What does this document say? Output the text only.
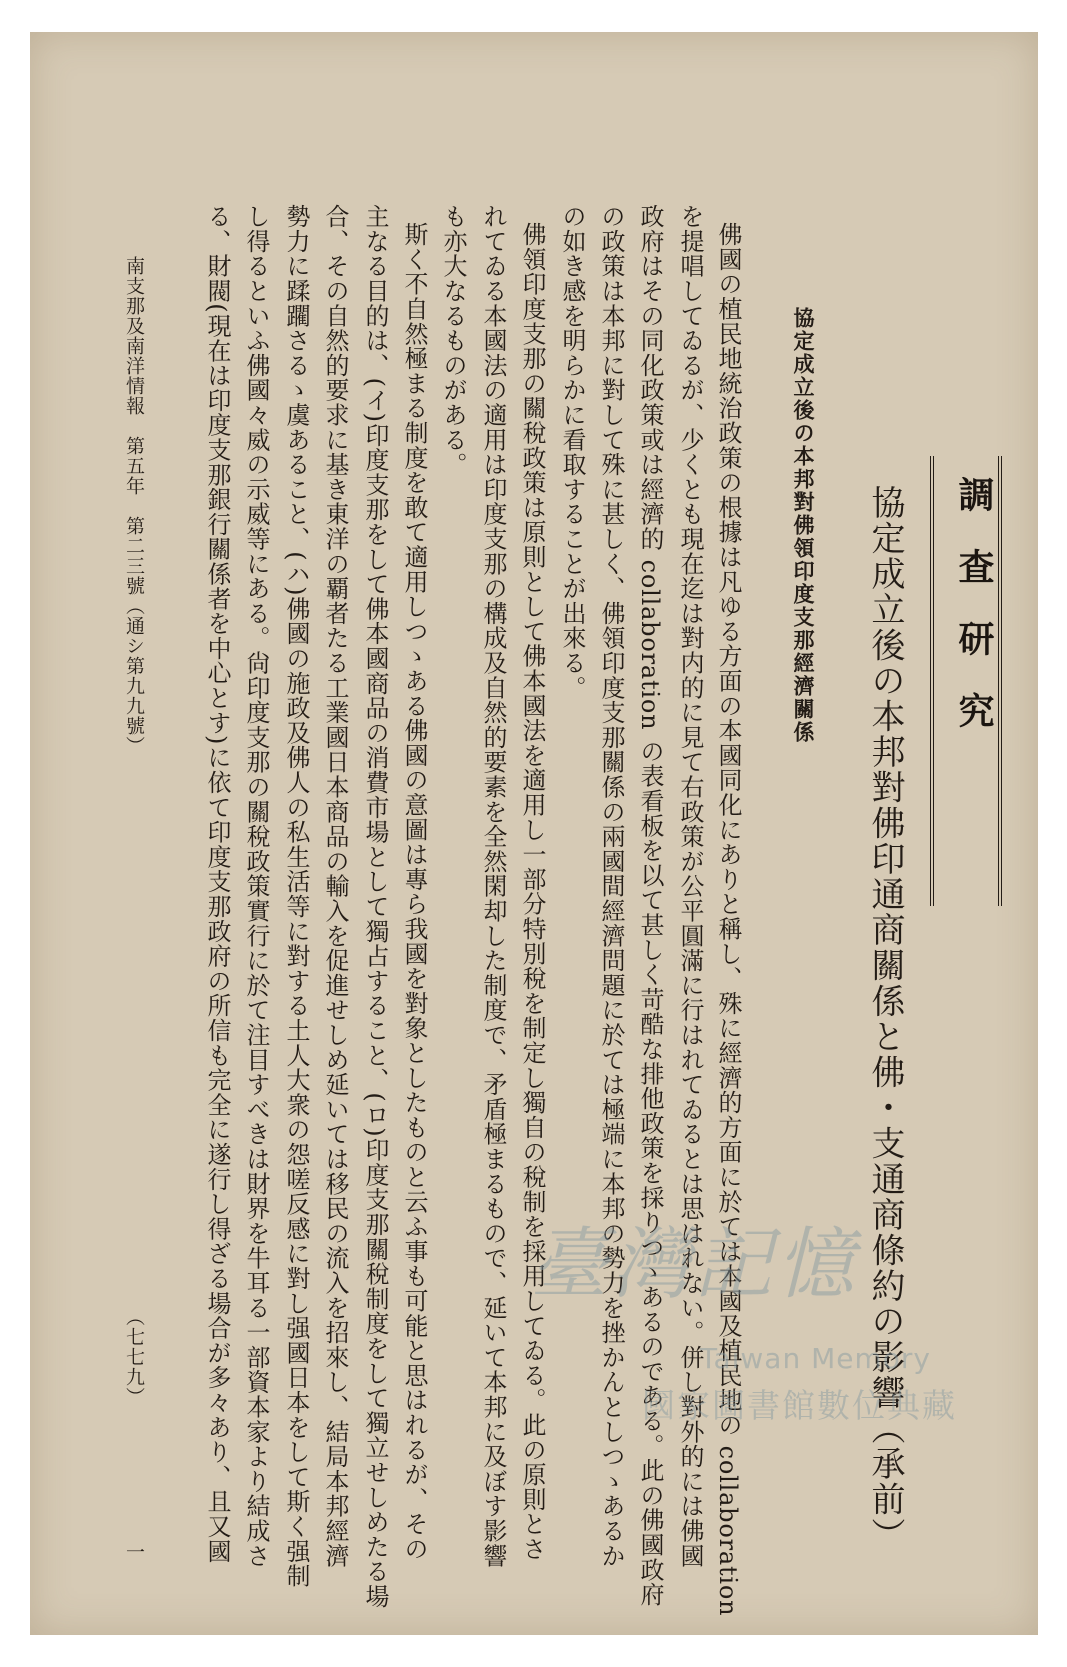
調査研究
協定成立後の本邦對佛印通商關係と佛・支通商條約の影響（承前）
協定成立後の本邦對佛領印度支那經濟關係
佛國の植民地統治政策の根據は凡ゆる方面の本國同化にありと稱し、殊に經濟的方面に於ては本國及植民地の collaboration
を提唱してゐるが、少くとも現在迄は對内的に見て右政策が公平圓滿に行はれてゐるとは思はれない。併し對外的には佛國
政府はその同化政策或は經濟的 collaboration の表看板を以て甚しく苛酷な排他政策を採りつゝあるのである。此の佛國政府
の政策は本邦に對して殊に甚しく、佛領印度支那關係の兩國間經濟問題に於ては極端に本邦の勢力を挫かんとしつゝあるか
の如き感を明らかに看取することが出來る。
佛領印度支那の關稅政策は原則として佛本國法を適用し一部分特別稅を制定し獨自の稅制を採用してゐる。此の原則とさ
れてゐる本國法の適用は印度支那の構成及自然的要素を全然閑却した制度で、矛盾極まるもので、延いて本邦に及ぼす影響
も亦大なるものがある。
斯く不自然極まる制度を敢て適用しつゝある佛國の意圖は專ら我國を對象としたものと云ふ事も可能と思はれるが、その
主なる目的は、(イ)印度支那をして佛本國商品の消費市場として獨占すること、(ロ)印度支那關稅制度をして獨立せしめたる場
合、その自然的要求に基き東洋の覇者たる工業國日本商品の輸入を促進せしめ延いては移民の流入を招來し、結局本邦經濟
勢力に蹂躙さるゝ虞あること、(ハ)佛國の施政及佛人の私生活等に對する土人大衆の怨嗟反感に對し强國日本をして斯く强制
し得るといふ佛國々威の示威等にある。尙印度支那の關稅政策實行に於て注目すべきは財界を牛耳る一部資本家より結成さ
る、財閥(現在は印度支那銀行關係者を中心とす)に依て印度支那政府の所信も完全に遂行し得ざる場合が多々あり、且又國
南支那及南洋情報　第五年　第二三號（通シ第九九號）
一
（七七九）
臺灣記憶
Taiwan Memory
國家圖書館數位典藏
